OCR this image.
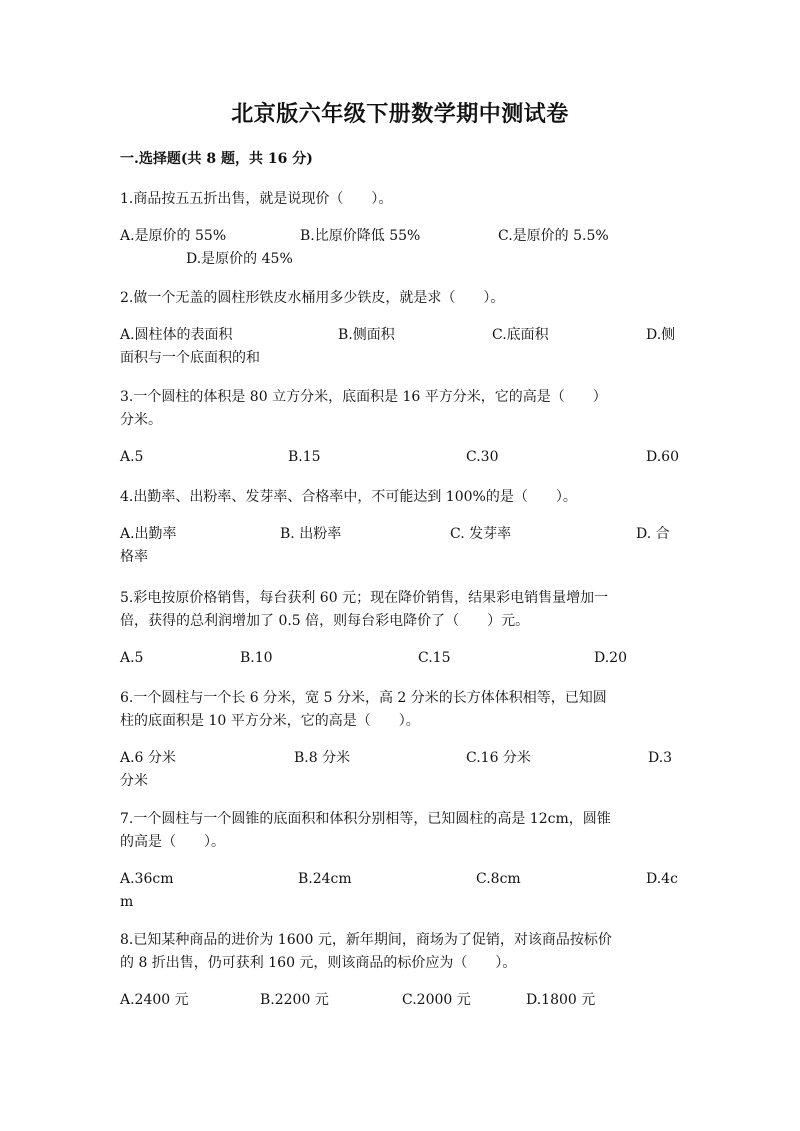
北京版六年级下册数学期中测试卷
一.选择题(共 8 题，共 16 分)

1.商品按五五折出售，就是说现价（　　）。

A.是原价的 55%	B.比原价降低 55%	C.是原价的 5.5%
D.是原价的 45%

2.做一个无盖的圆柱形铁皮水桶用多少铁皮，就是求（　　）。

A.圆柱体的表面积	B.侧面积	C.底面积	D.侧
面积与一个底面积的和

3.一个圆柱的体积是 80 立方分米，底面积是 16 平方分米，它的高是（　　）

分米。

A.5	B.15	C.30	D.60

4.出勤率、出粉率、发芽率、合格率中，不可能达到 100%的是（　　）。

A.出勤率	B. 出粉率	C. 发芽率	D. 合
格率

5.彩电按原价格销售，每台获利 60 元；现在降价销售，结果彩电销售量增加一

倍，获得的总利润增加了 0.5 倍，则每台彩电降价了（　　）元。

A.5	B.10	C.15	D.20

6.一个圆柱与一个长 6 分米，宽 5 分米，高 2 分米的长方体体积相等，已知圆

柱的底面积是 10 平方分米，它的高是（　　）。

A.6 分米	B.8 分米	C.16 分米	D.3
分米

7.一个圆柱与一个圆锥的底面积和体积分别相等，已知圆柱的高是 12cm，圆锥

的高是（　　）。

A.36cm	B.24cm	C.8cm	D.4c
m

8.已知某种商品的进价为 1600 元，新年期间，商场为了促销，对该商品按标价

的 8 折出售，仍可获利 160 元，则该商品的标价应为（　　）。

A.2400 元	B.2200 元	C.2000 元	D.1800 元
